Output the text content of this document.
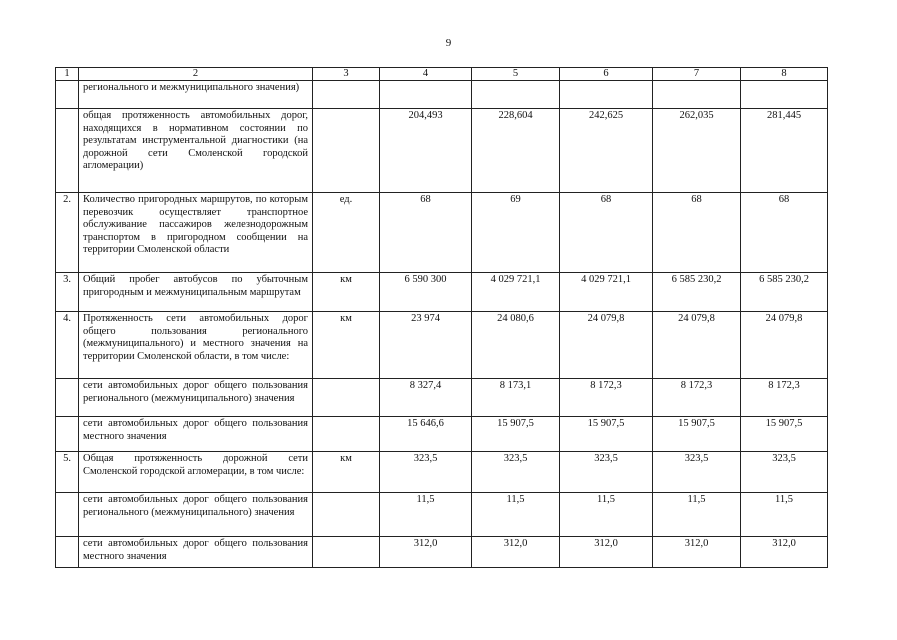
9
1	2	3	4	5	6	7	8
	регионального и межмуниципального значения)						
	общая протяженность автомобильных дорог, находящихся в нормативном состоянии по результатам инструментальной диагностики (на дорожной сети Смоленской городской агломерации)		204,493	228,604	242,625	262,035	281,445
2.	Количество пригородных маршрутов, по которым перевозчик осуществляет транспортное обслуживание пассажиров железнодорожным транспортом в пригородном сообщении на территории Смоленской области	ед.	68	69	68	68	68
3.	Общий пробег автобусов по убыточным пригородным и межмуниципальным маршрутам	км	6 590 300	4 029 721,1	4 029 721,1	6 585 230,2	6 585 230,2
4.	Протяженность сети автомобильных дорог общего пользования регионального (межмуниципального) и местного значения на территории Смоленской области, в том числе:	км	23 974	24 080,6	24 079,8	24 079,8	24 079,8
	сети автомобильных дорог общего пользования регионального (межмуниципального) значения		8 327,4	8 173,1	8 172,3	8 172,3	8 172,3
	сети автомобильных дорог общего пользования местного значения		15 646,6	15 907,5	15 907,5	15 907,5	15 907,5
5.	Общая протяженность дорожной сети Смоленской городской агломерации, в том числе:	км	323,5	323,5	323,5	323,5	323,5
	сети автомобильных дорог общего пользования регионального (межмуниципального) значения		11,5	11,5	11,5	11,5	11,5
	сети автомобильных дорог общего пользования местного значения		312,0	312,0	312,0	312,0	312,0
